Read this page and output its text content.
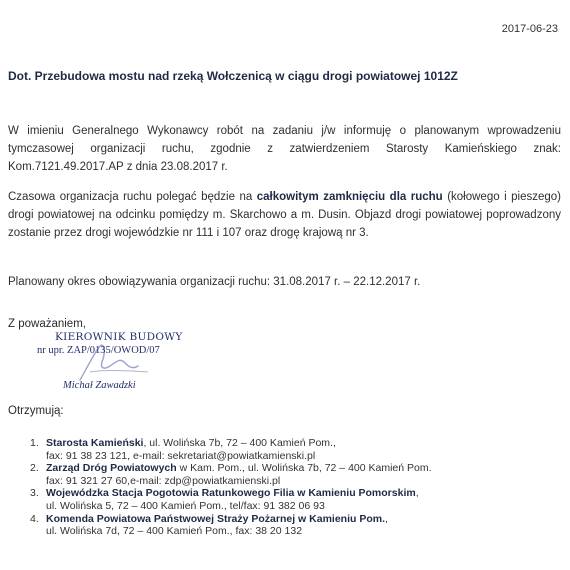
2017-06-23
Dot. Przebudowa mostu nad rzeką Wołczenicą w ciągu drogi powiatowej 1012Z
W imieniu Generalnego Wykonawcy robót na zadaniu j/w informuję o planowanym wprowadzeniu tymczasowej organizacji ruchu, zgodnie z zatwierdzeniem Starosty Kamieńskiego znak: Kom.7121.49.2017.AP z dnia 23.08.2017 r.
Czasowa organizacja ruchu polegać będzie na całkowitym zamknięciu dla ruchu (kołowego i pieszego) drogi powiatowej na odcinku pomiędzy m. Skarchowo a m. Dusin. Objazd drogi powiatowej poprowadzony zostanie przez drogi wojewódzkie nr 111 i 107 oraz drogę krajową nr 3.
Planowany okres obowiązywania organizacji ruchu: 31.08.2017 r. – 22.12.2017 r.
Z poważaniem,
KIEROWNIK BUDOWY
nr upr. ZAP/0135/OWOD/07
Michał Zawadzki
Otrzymują:
1. Starosta Kamieński, ul. Wolińska 7b, 72 – 400 Kamień Pom.,
fax: 91 38 23 121, e-mail: sekretariat@powiatkamienski.pl
2. Zarząd Dróg Powiatowych w Kam. Pom., ul. Wolińska 7b, 72 – 400 Kamień Pom.
fax: 91 321 27 60,e-mail: zdp@powiatkamienski.pl
3. Wojewódzka Stacja Pogotowia Ratunkowego Filia w Kamieniu Pomorskim,
ul. Wolińska 5, 72 – 400 Kamień Pom., tel/fax: 91 382 06 93
4. Komenda Powiatowa Państwowej Straży Pożarnej w Kamieniu Pom.,
ul. Wolińska 7d, 72 – 400 Kamień Pom., fax: 38 20 132
